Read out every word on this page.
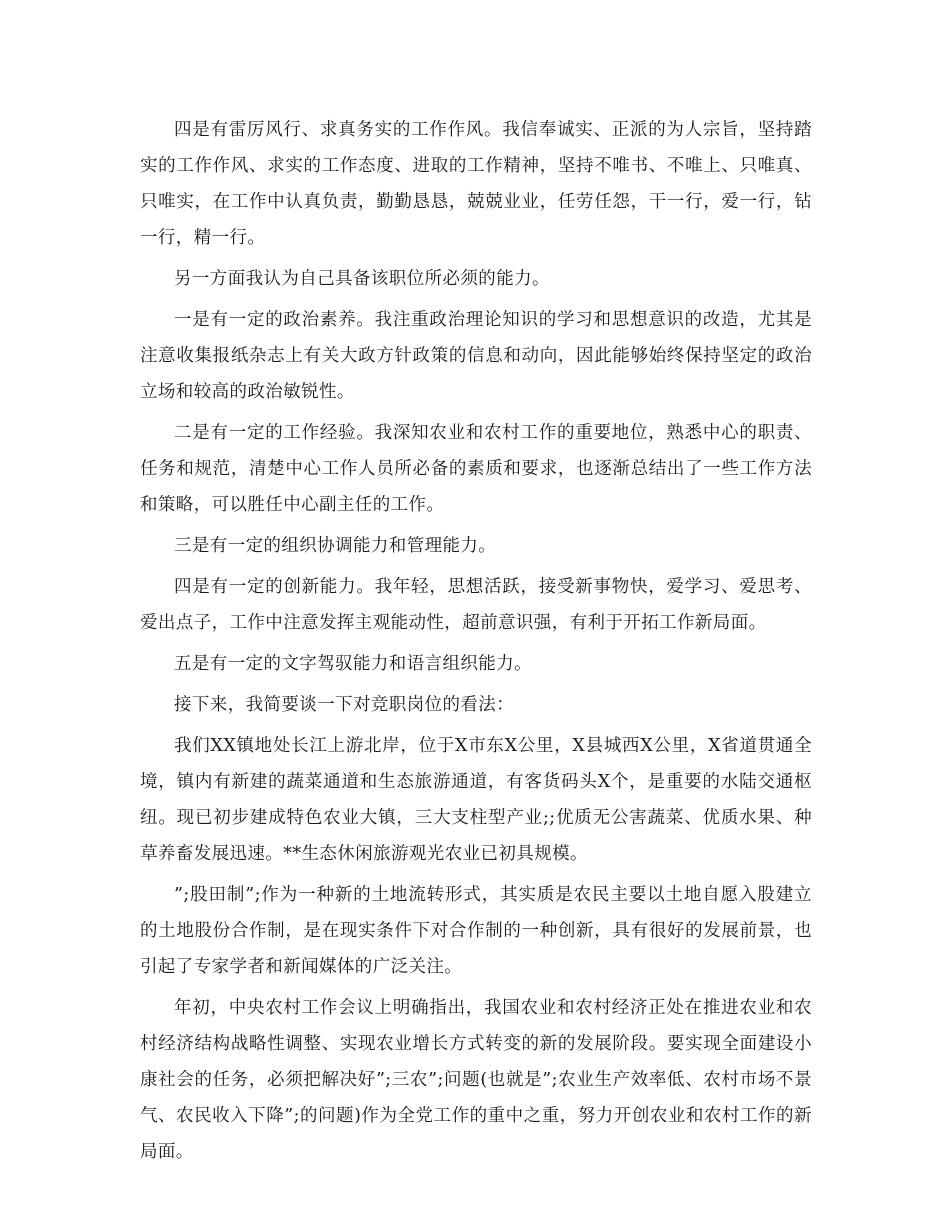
四是有雷厉风行、求真务实的工作作风。我信奉诚实、正派的为人宗旨，坚持踏实的工作作风、求实的工作态度、进取的工作精神，坚持不唯书、不唯上、只唯真、只唯实，在工作中认真负责，勤勤恳恳，兢兢业业，任劳任怨，干一行，爱一行，钻一行，精一行。

另一方面我认为自己具备该职位所必须的能力。

一是有一定的政治素养。我注重政治理论知识的学习和思想意识的改造，尤其是注意收集报纸杂志上有关大政方针政策的信息和动向，因此能够始终保持坚定的政治立场和较高的政治敏锐性。

二是有一定的工作经验。我深知农业和农村工作的重要地位，熟悉中心的职责、任务和规范，清楚中心工作人员所必备的素质和要求，也逐渐总结出了一些工作方法和策略，可以胜任中心副主任的工作。

三是有一定的组织协调能力和管理能力。

四是有一定的创新能力。我年轻，思想活跃，接受新事物快，爱学习、爱思考、爱出点子，工作中注意发挥主观能动性，超前意识强，有利于开拓工作新局面。

五是有一定的文字驾驭能力和语言组织能力。

接下来，我简要谈一下对竞职岗位的看法：

我们XX镇地处长江上游北岸，位于X市东X公里，X县城西X公里，X省道贯通全境，镇内有新建的蔬菜通道和生态旅游通道，有客货码头X个，是重要的水陆交通枢纽。现已初步建成特色农业大镇，三大支柱型产业;;优质无公害蔬菜、优质水果、种草养畜发展迅速。**生态休闲旅游观光农业已初具规模。

”;股田制”;作为一种新的土地流转形式，其实质是农民主要以土地自愿入股建立的土地股份合作制，是在现实条件下对合作制的一种创新，具有很好的发展前景，也引起了专家学者和新闻媒体的广泛关注。

年初，中央农村工作会议上明确指出，我国农业和农村经济正处在推进农业和农村经济结构战略性调整、实现农业增长方式转变的新的发展阶段。要实现全面建设小康社会的任务，必须把解决好”;三农”;问题(也就是”;农业生产效率低、农村市场不景气、农民收入下降”;的问题)作为全党工作的重中之重，努力开创农业和农村工作的新局面。
